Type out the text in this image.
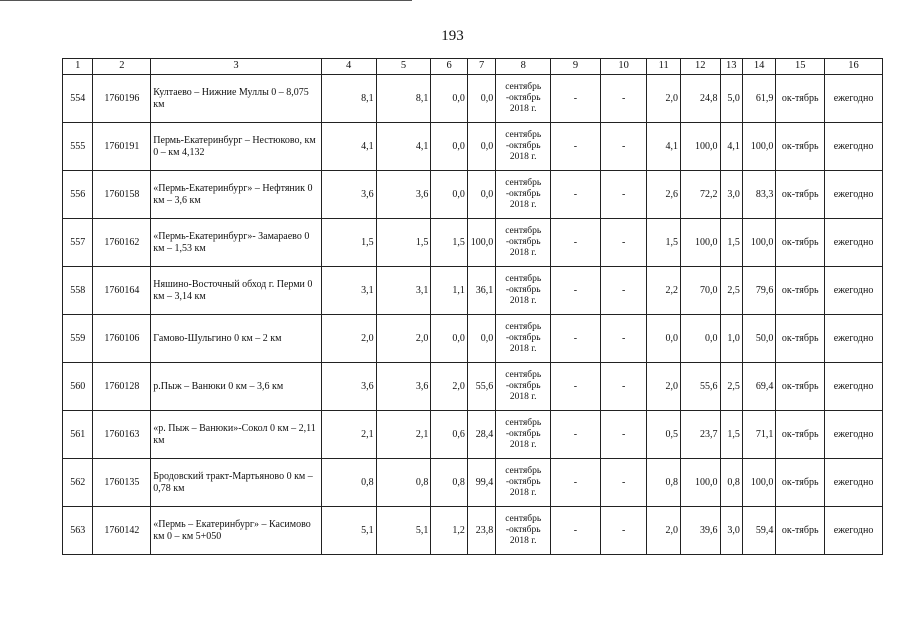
193
1	2	3	4	5	6	7	8	9	10	11	12	13	14	15	16
554	1760196	Култаево – Нижние Муллы 0 – 8,075 км	8,1	8,1	0,0	0,0	сентябрь -октябрь 2018 г.	-	-	2,0	24,8	5,0	61,9	ок-тябрь	ежегодно
555	1760191	Пермь-Екатеринбург – Нестюково, км 0 – км 4,132	4,1	4,1	0,0	0,0	сентябрь -октябрь 2018 г.	-	-	4,1	100,0	4,1	100,0	ок-тябрь	ежегодно
556	1760158	«Пермь-Екатеринбург» – Нефтяник 0 км – 3,6 км	3,6	3,6	0,0	0,0	сентябрь -октябрь 2018 г.	-	-	2,6	72,2	3,0	83,3	ок-тябрь	ежегодно
557	1760162	«Пермь-Екатеринбург»- Замараево 0 км – 1,53 км	1,5	1,5	1,5	100,0	сентябрь -октябрь 2018 г.	-	-	1,5	100,0	1,5	100,0	ок-тябрь	ежегодно
558	1760164	Няшино-Восточный обход г. Перми 0 км – 3,14 км	3,1	3,1	1,1	36,1	сентябрь -октябрь 2018 г.	-	-	2,2	70,0	2,5	79,6	ок-тябрь	ежегодно
559	1760106	Гамово-Шульгино 0 км – 2 км	2,0	2,0	0,0	0,0	сентябрь -октябрь 2018 г.	-	-	0,0	0,0	1,0	50,0	ок-тябрь	ежегодно
560	1760128	р.Пыж – Ванюки 0 км – 3,6 км	3,6	3,6	2,0	55,6	сентябрь -октябрь 2018 г.	-	-	2,0	55,6	2,5	69,4	ок-тябрь	ежегодно
561	1760163	«р. Пыж – Ванюки»-Сокол 0 км – 2,11 км	2,1	2,1	0,6	28,4	сентябрь -октябрь 2018 г.	-	-	0,5	23,7	1,5	71,1	ок-тябрь	ежегодно
562	1760135	Бродовский тракт-Мартьяново 0 км – 0,78 км	0,8	0,8	0,8	99,4	сентябрь -октябрь 2018 г.	-	-	0,8	100,0	0,8	100,0	ок-тябрь	ежегодно
563	1760142	«Пермь – Екатеринбург» – Касимово км 0 – км 5+050	5,1	5,1	1,2	23,8	сентябрь -октябрь 2018 г.	-	-	2,0	39,6	3,0	59,4	ок-тябрь	ежегодно
